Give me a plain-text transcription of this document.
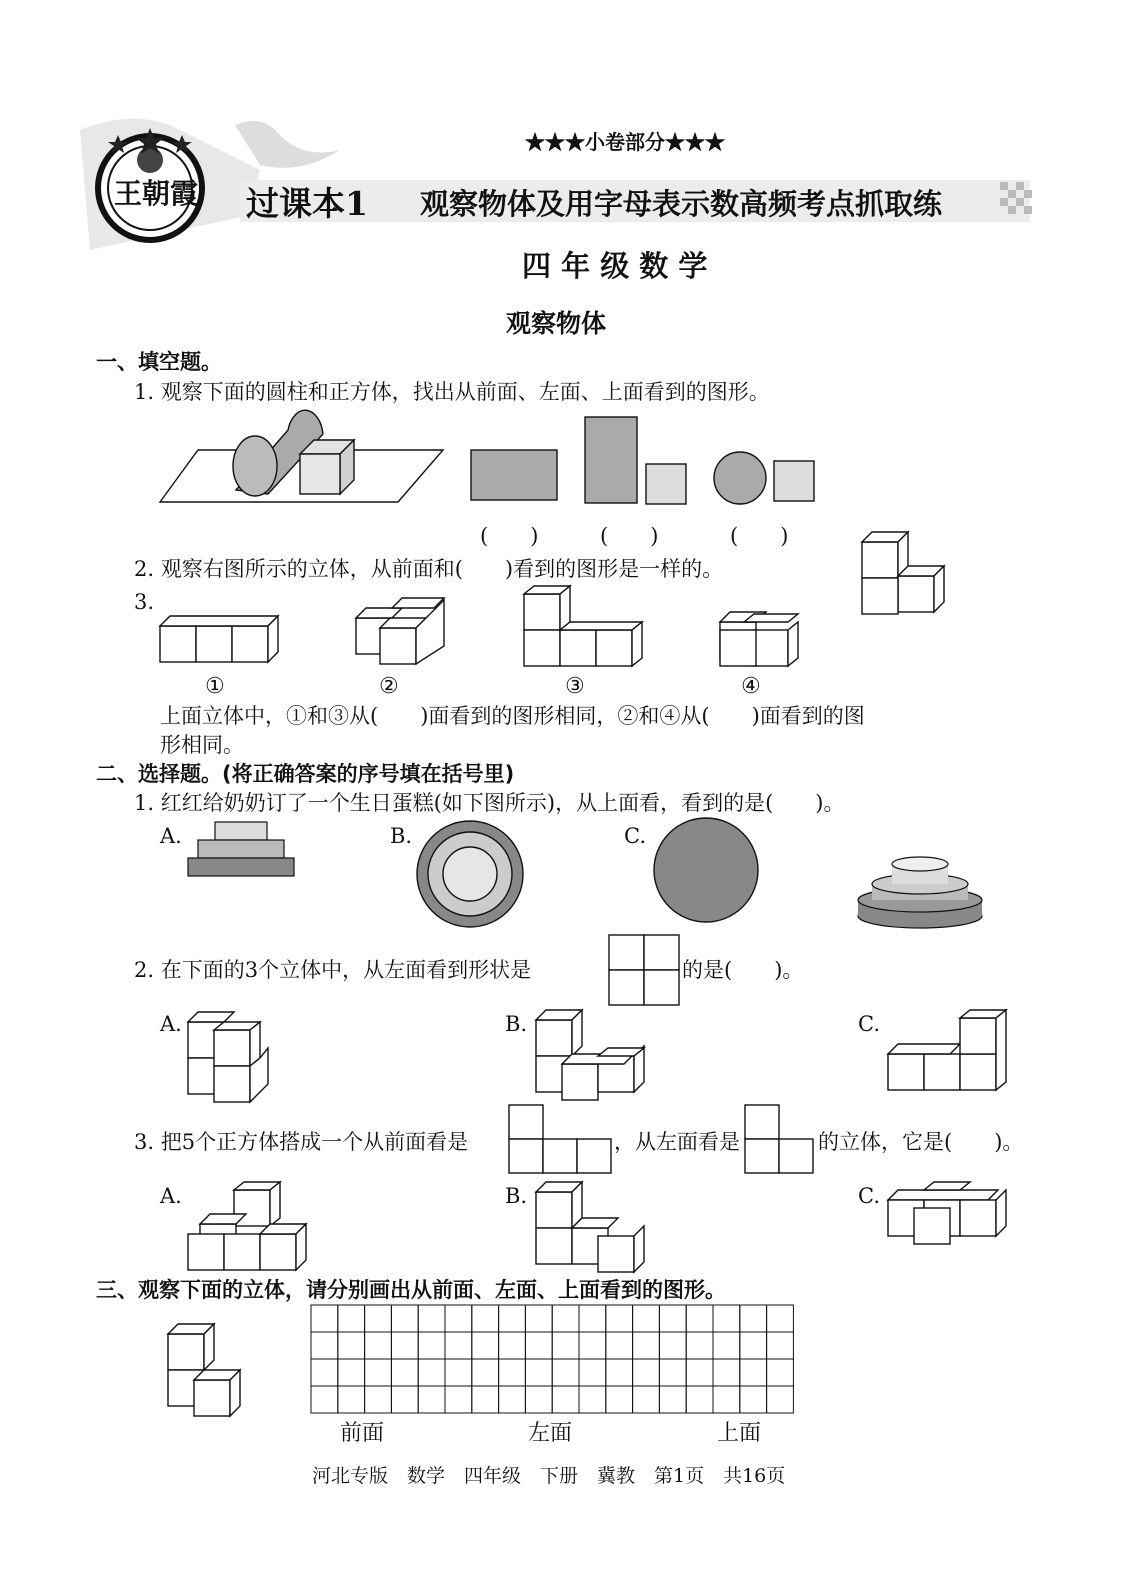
王朝霞
★★★小卷部分★★★
过课本1 观察物体及用字母表示数高频考点抓取练
四 年 级 数 学
观察物体
一、填空题。
1. 观察下面的圆柱和正方体，找出从前面、左面、上面看到的图形。
(　　)	(　　)	(　　)
2. 观察右图所示的立体，从前面和(　　)看到的图形是一样的。
3.
①	②	③	④
上面立体中，①和③从(　　)面看到的图形相同，②和④从(　　)面看到的图
形相同。
二、选择题。(将正确答案的序号填在括号里)
1. 红红给奶奶订了一个生日蛋糕(如下图所示)，从上面看，看到的是(　　)。
A.	B.	C.
2. 在下面的3个立体中，从左面看到形状是	的是(　　)。
A.	B.	C.
3. 把5个正方体搭成一个从前面看是	，从左面看是	的立体，它是(　　)。
A.	B.	C.
三、观察下面的立体，请分别画出从前面、左面、上面看到的图形。
前面	左面	上面
河北专版　数学　四年级　下册　冀教　第1页　共16页
